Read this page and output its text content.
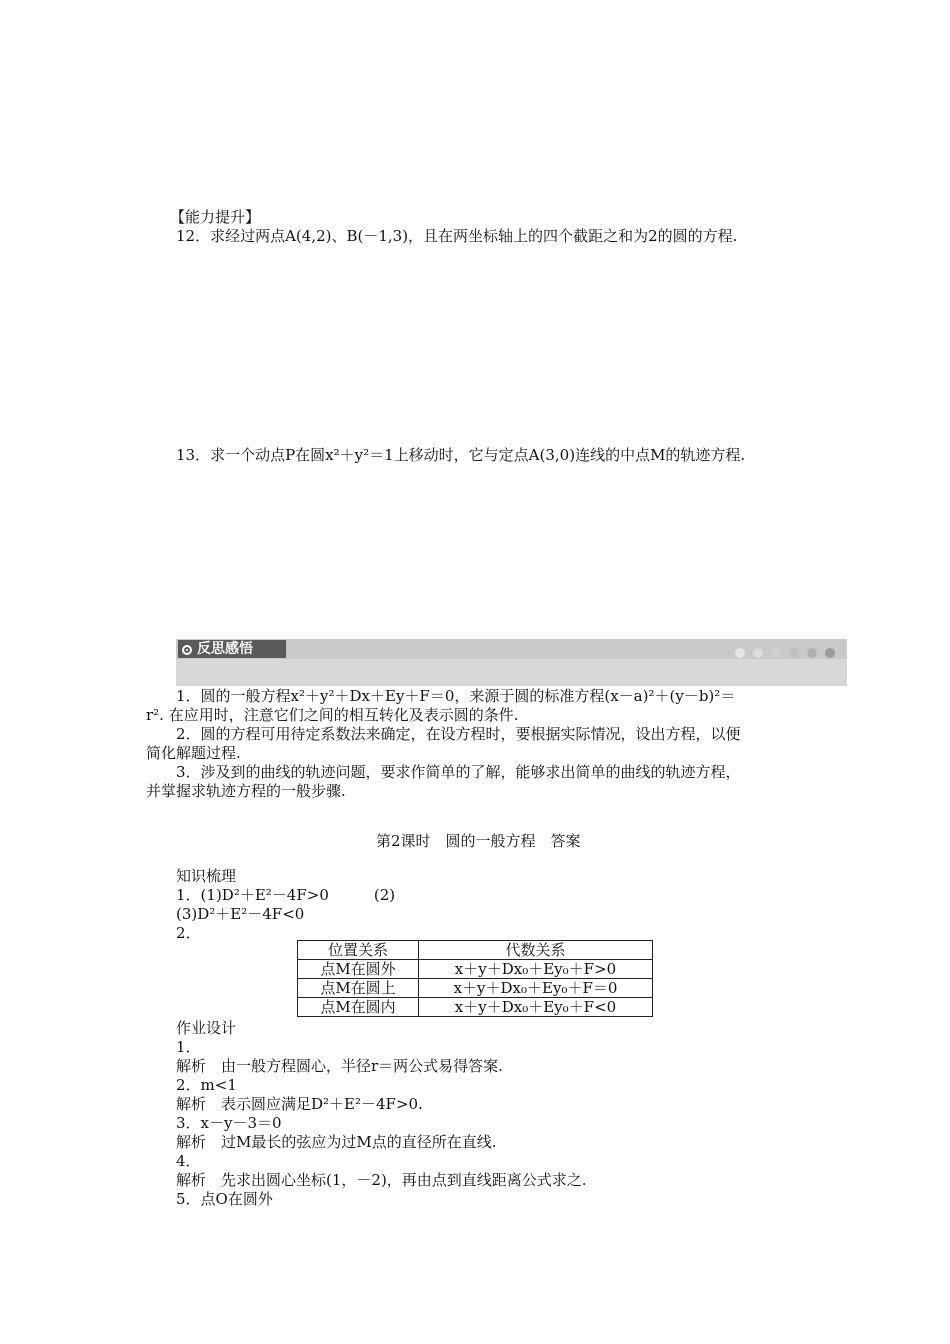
【能力提升】
12．求经过两点A(4,2)、B(－1,3)，且在两坐标轴上的四个截距之和为2的圆的方程.
13．求一个动点P在圆x²＋y²＝1上移动时，它与定点A(3,0)连线的中点M的轨迹方程.
反思感悟
1．圆的一般方程x²＋y²＋Dx＋Ey＋F＝0，来源于圆的标准方程(x－a)²＋(y－b)²＝
r². 在应用时，注意它们之间的相互转化及表示圆的条件.
2．圆的方程可用待定系数法来确定，在设方程时，要根据实际情况，设出方程，以便
简化解题过程.
3．涉及到的曲线的轨迹问题，要求作简单的了解，能够求出简单的曲线的轨迹方程，
并掌握求轨迹方程的一般步骤.
第2课时　圆的一般方程　答案
知识梳理
1．(1)D²＋E²－4F>0　　　(2)
(3)D²＋E²－4F<0
2．
位置关系	代数关系
点M在圆外	x＋y＋Dx₀＋Ey₀＋F>0
点M在圆上	x＋y＋Dx₀＋Ey₀＋F＝0
点M在圆内	x＋y＋Dx₀＋Ey₀＋F<0
作业设计
1．
解析　由一般方程圆心，半径r＝两公式易得答案.
2．m<1
解析　表示圆应满足D²＋E²－4F>0.
3．x－y－3＝0
解析　过M最长的弦应为过M点的直径所在直线.
4．
解析　先求出圆心坐标(1，－2)，再由点到直线距离公式求之.
5．点O在圆外
